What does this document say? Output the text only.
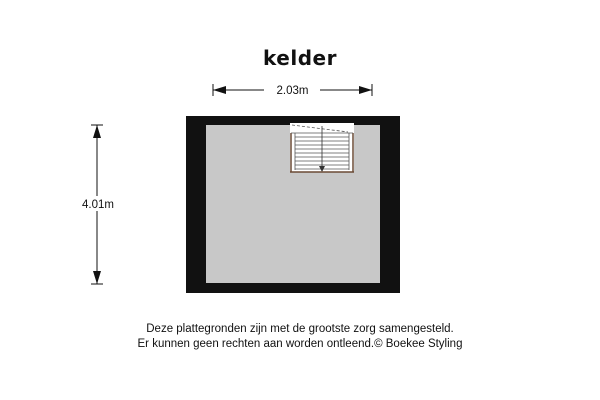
kelder
2.03m
4.01m
Deze plattegronden zijn met de grootste zorg samengesteld.
Er kunnen geen rechten aan worden ontleend.© Boekee Styling
